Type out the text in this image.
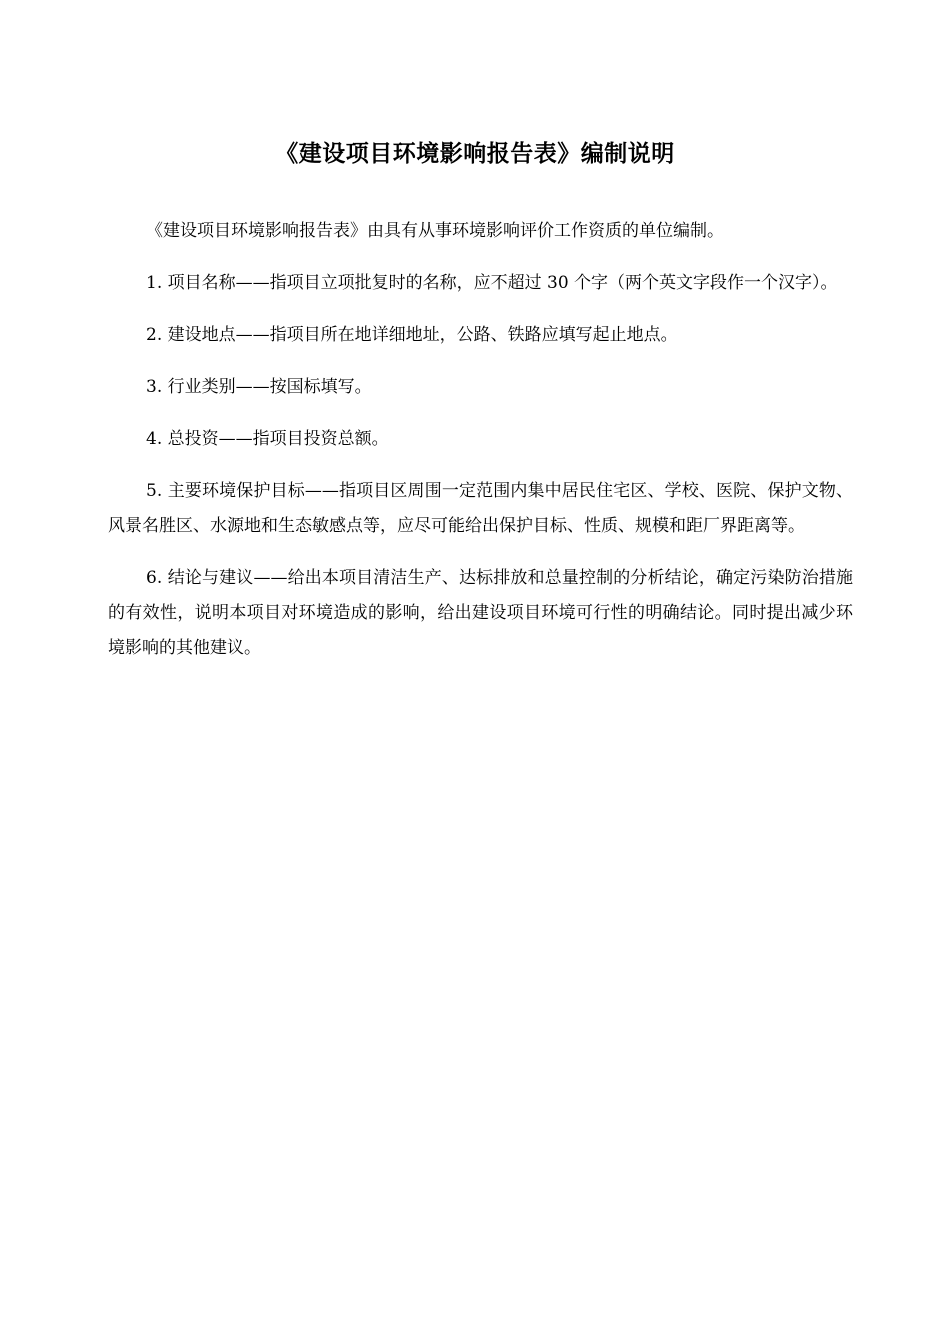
《建设项目环境影响报告表》编制说明

《建设项目环境影响报告表》由具有从事环境影响评价工作资质的单位编制。

1. 项目名称——指项目立项批复时的名称，应不超过 30 个字（两个英文字段作一个汉字）。

2. 建设地点——指项目所在地详细地址，公路、铁路应填写起止地点。

3. 行业类别——按国标填写。

4. 总投资——指项目投资总额。

5. 主要环境保护目标——指项目区周围一定范围内集中居民住宅区、学校、医院、保护文物、风景名胜区、水源地和生态敏感点等，应尽可能给出保护目标、性质、规模和距厂界距离等。

6. 结论与建议——给出本项目清洁生产、达标排放和总量控制的分析结论，确定污染防治措施的有效性，说明本项目对环境造成的影响，给出建设项目环境可行性的明确结论。同时提出减少环境影响的其他建议。
